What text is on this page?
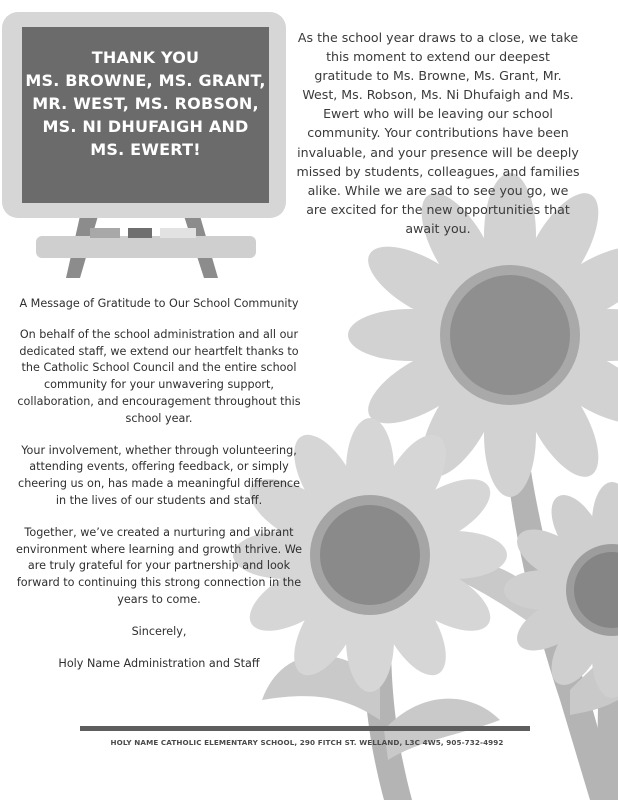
THANK YOU
MS. BROWNE, MS. GRANT,
MR. WEST, MS. ROBSON,
MS. NI DHUFAIGH AND
MS. EWERT!
As the school year draws to a close, we take this moment to extend our deepest gratitude to Ms. Browne, Ms. Grant, Mr. West, Ms. Robson, Ms. Ni Dhufaigh and Ms. Ewert who will be leaving our school community. Your contributions have been invaluable, and your presence will be deeply missed by students, colleagues, and families alike. While we are sad to see you go, we are excited for the new opportunities that await you.

A Message of Gratitude to Our School Community

On behalf of the school administration and all our dedicated staff, we extend our heartfelt thanks to the Catholic School Council and the entire school community for your unwavering support, collaboration, and encouragement throughout this school year.

Your involvement, whether through volunteering, attending events, offering feedback, or simply cheering us on, has made a meaningful difference in the lives of our students and staff.

Together, we’ve created a nurturing and vibrant environment where learning and growth thrive. We are truly grateful for your partnership and look forward to continuing this strong connection in the years to come.

Sincerely,

Holy Name Administration and Staff

HOLY NAME CATHOLIC ELEMENTARY SCHOOL, 290 FITCH ST. WELLAND, L3C 4W5, 905-732-4992
